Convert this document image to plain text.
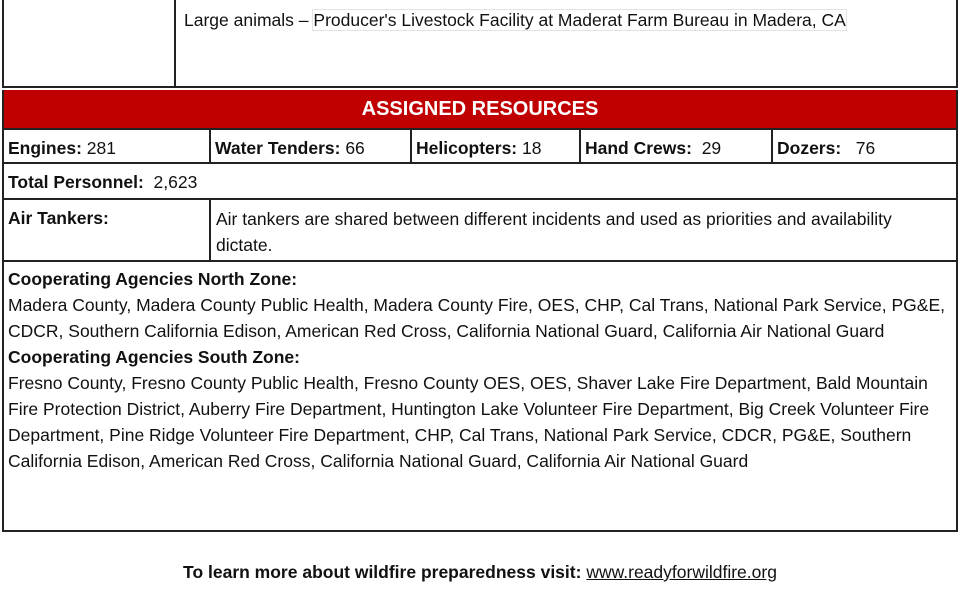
Large animals – Producer's Livestock Facility at Maderat Farm Bureau in Madera, CA
ASSIGNED RESOURCES
Engines: 281	Water Tenders: 66	Helicopters: 18	Hand Crews:  29	Dozers:   76
Total Personnel:  2,623
Air Tankers:	Air tankers are shared between different incidents and used as priorities and availability dictate.
Cooperating Agencies North Zone:
Madera County, Madera County Public Health, Madera County Fire, OES, CHP, Cal Trans, National Park Service, PG&E, CDCR, Southern California Edison, American Red Cross, California National Guard, California Air National Guard
Cooperating Agencies South Zone:
Fresno County, Fresno County Public Health, Fresno County OES, OES, Shaver Lake Fire Department, Bald Mountain Fire Protection District, Auberry Fire Department, Huntington Lake Volunteer Fire Department, Big Creek Volunteer Fire Department, Pine Ridge Volunteer Fire Department, CHP, Cal Trans, National Park Service, CDCR, PG&E, Southern California Edison, American Red Cross, California National Guard, California Air National Guard
To learn more about wildfire preparedness visit: www.readyforwildfire.org
